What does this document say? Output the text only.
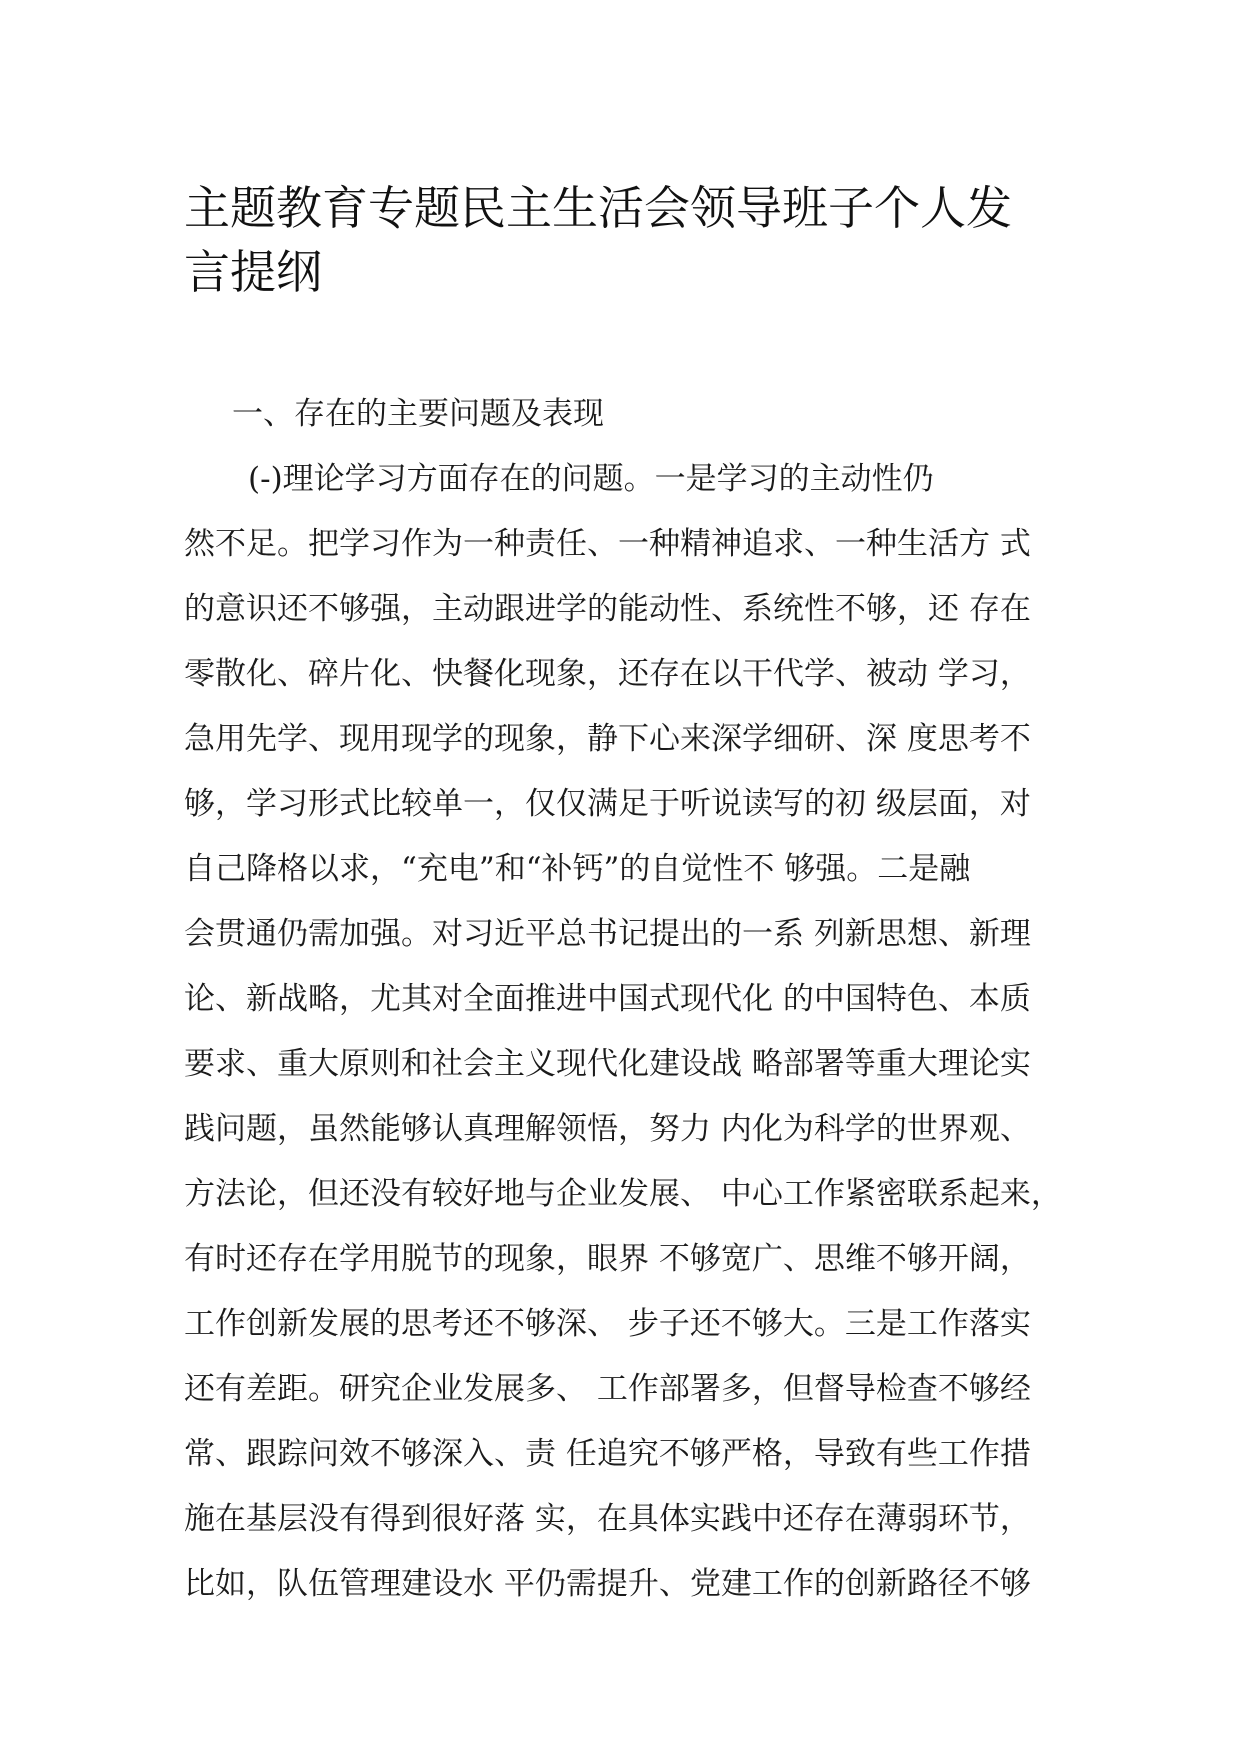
主题教育专题民主生活会领导班子个人发
言提纲
一、存在的主要问题及表现
(-)理论学习方面存在的问题。一是学习的主动性仍
然不足。把学习作为一种责任、一种精神追求、一种生活方 式
的意识还不够强，主动跟进学的能动性、系统性不够，还 存在
零散化、碎片化、快餐化现象，还存在以干代学、被动 学习，
急用先学、现用现学的现象，静下心来深学细研、深 度思考不
够，学习形式比较单一，仅仅满足于听说读写的初 级层面，对
自己降格以求，“充电”和“补钙”的自觉性不 够强。二是融
会贯通仍需加强。对习近平总书记提出的一系 列新思想、新理
论、新战略，尤其对全面推进中国式现代化 的中国特色、本质
要求、重大原则和社会主义现代化建设战 略部署等重大理论实
践问题，虽然能够认真理解领悟，努力 内化为科学的世界观、
方法论，但还没有较好地与企业发展、 中心工作紧密联系起来，
有时还存在学用脱节的现象，眼界 不够宽广、思维不够开阔，
工作创新发展的思考还不够深、 步子还不够大。三是工作落实
还有差距。研究企业发展多、 工作部署多，但督导检查不够经
常、跟踪问效不够深入、责 任追究不够严格，导致有些工作措
施在基层没有得到很好落 实，在具体实践中还存在薄弱环节，
比如，队伍管理建设水 平仍需提升、党建工作的创新路径不够
